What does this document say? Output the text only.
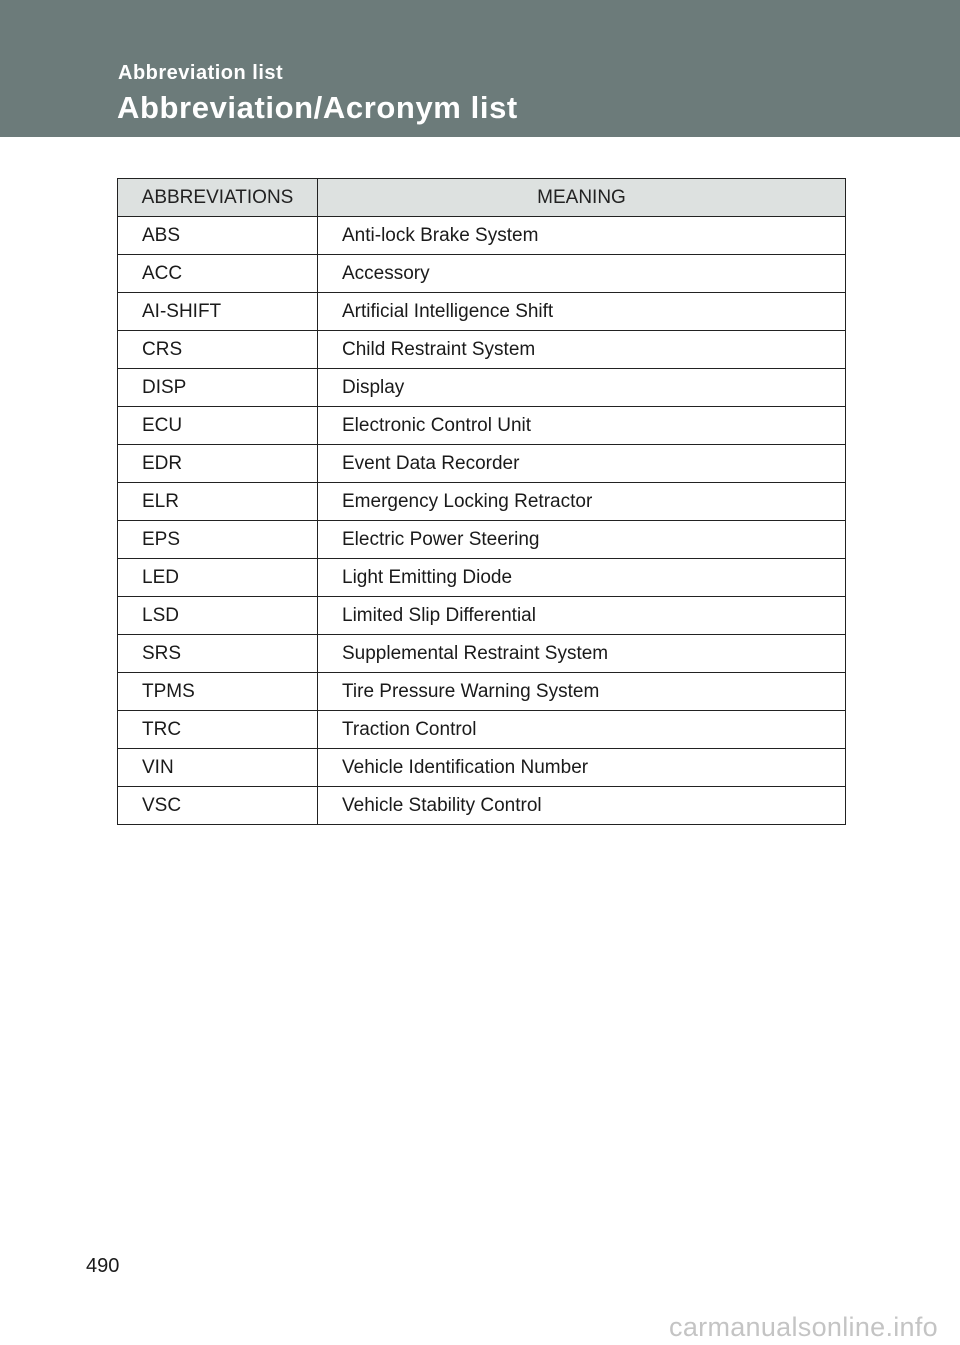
Abbreviation list
Abbreviation/Acronym list
ABBREVIATIONS	MEANING
ABS	Anti-lock Brake System
ACC	Accessory
AI-SHIFT	Artificial Intelligence Shift
CRS	Child Restraint System
DISP	Display
ECU	Electronic Control Unit
EDR	Event Data Recorder
ELR	Emergency Locking Retractor
EPS	Electric Power Steering
LED	Light Emitting Diode
LSD	Limited Slip Differential
SRS	Supplemental Restraint System
TPMS	Tire Pressure Warning System
TRC	Traction Control
VIN	Vehicle Identification Number
VSC	Vehicle Stability Control
490
carmanualsonline.info
